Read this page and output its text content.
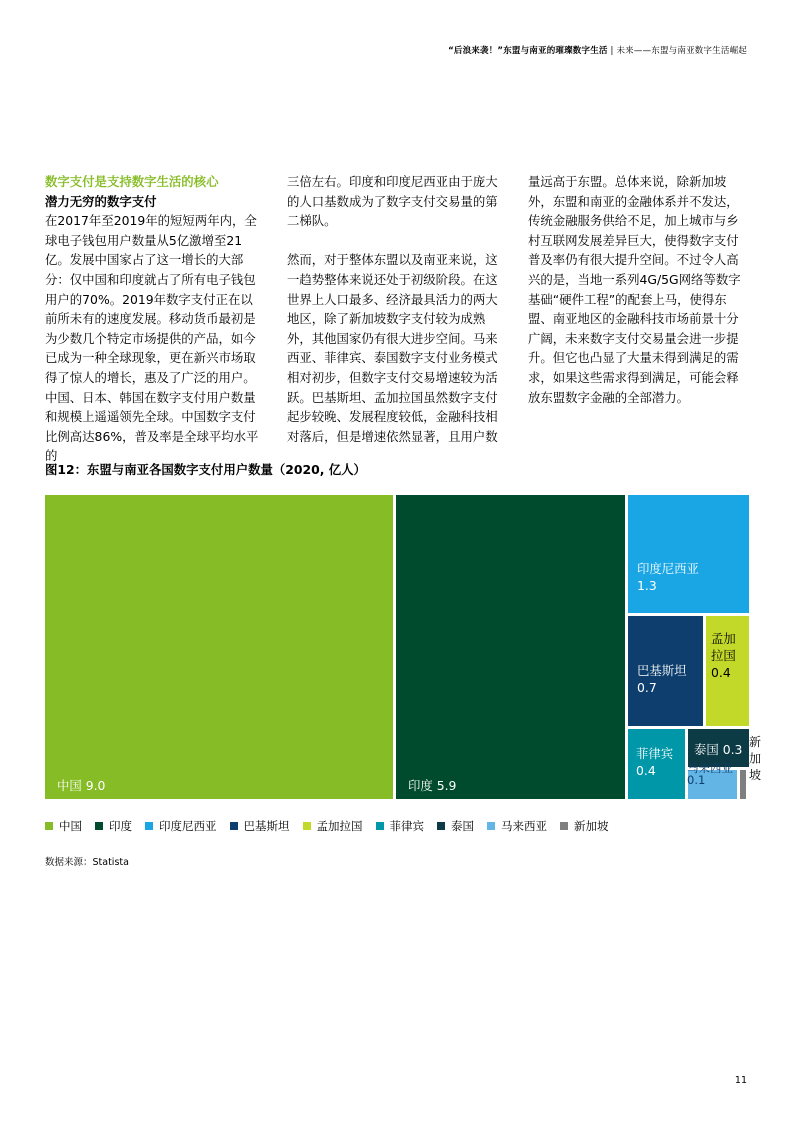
“后浪来袭！”东盟与南亚的璀璨数字生活 | 未来——东盟与南亚数字生活崛起

数字支付是支持数字生活的核心

潜力无穷的数字支付

在2017年至2019年的短短两年内，全球电子钱包用户数量从5亿激增至21亿。发展中国家占了这一增长的大部分：仅中国和印度就占了所有电子钱包用户的70%。2019年数字支付正在以前所未有的速度发展。移动货币最初是为少数几个特定市场提供的产品，如今已成为一种全球现象，更在新兴市场取得了惊人的增长，惠及了广泛的用户。中国、日本、韩国在数字支付用户数量和规模上遥遥领先全球。中国数字支付比例高达86%，普及率是全球平均水平的

三倍左右。印度和印度尼西亚由于庞大的人口基数成为了数字支付交易量的第二梯队。

然而，对于整体东盟以及南亚来说，这一趋势整体来说还处于初级阶段。在这世界上人口最多、经济最具活力的两大地区，除了新加坡数字支付较为成熟外，其他国家仍有很大进步空间。马来西亚、菲律宾、泰国数字支付业务模式相对初步，但数字支付交易增速较为活跃。巴基斯坦、孟加拉国虽然数字支付起步较晚、发展程度较低，金融科技相对落后，但是增速依然显著，且用户数

量远高于东盟。总体来说，除新加坡外，东盟和南亚的金融体系并不发达，传统金融服务供给不足，加上城市与乡村互联网发展差异巨大，使得数字支付普及率仍有很大提升空间。不过令人高兴的是，当地一系列4G/5G网络等数字基础“硬件工程”的配套上马，使得东盟、南亚地区的金融科技市场前景十分广阔，未来数字支付交易量会进一步提升。但它也凸显了大量未得到满足的需求，如果这些需求得到满足，可能会释放东盟数字金融的全部潜力。

图12：东盟与南亚各国数字支付用户数量（2020, 亿人）
中国 9.0	印度 5.9
印度尼西亚 1.3
巴基斯坦 0.7
孟加拉国 0.4
菲律宾 0.4
泰国 0.3
马来西亚 0.1
新加坡
中国 印度 印度尼西亚 巴基斯坦 孟加拉国 菲律宾 泰国 马来西亚 新加坡
数据来源：Statista
11
